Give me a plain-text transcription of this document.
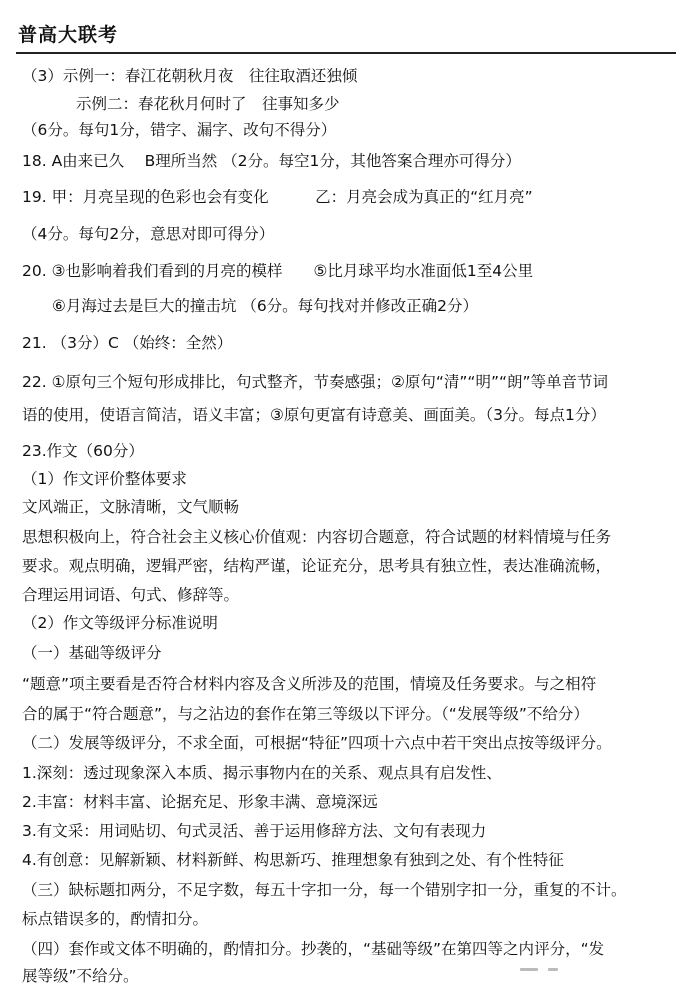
普高大联考
（3）示例一：春江花朝秋月夜　往往取酒还独倾
示例二：春花秋月何时了　往事知多少
（6分。每句1分，错字、漏字、改句不得分）
18. A由来已久　 B理所当然 （2分。每空1分，其他答案合理亦可得分）
19. 甲：月亮呈现的色彩也会有变化　　　乙：月亮会成为真正的“红月亮”
（4分。每句2分，意思对即可得分）
20. ③也影响着我们看到的月亮的模样　　⑤比月球平均水准面低1至4公里
⑥月海过去是巨大的撞击坑 （6分。每句找对并修改正确2分）
21. （3分）C （始终：全然）
22. ①原句三个短句形成排比，句式整齐，节奏感强；②原句“清”“明”“朗”等单音节词
语的使用，使语言简洁，语义丰富；③原句更富有诗意美、画面美。（3分。每点1分）
23.作文（60分）
（1）作文评价整体要求
文风端正，文脉清晰，文气顺畅
思想积极向上，符合社会主义核心价值观：内容切合题意，符合试题的材料情境与任务
要求。观点明确，逻辑严密，结构严谨，论证充分，思考具有独立性，表达准确流畅，
合理运用词语、句式、修辞等。
（2）作文等级评分标准说明
（一）基础等级评分
“题意”项主要看是否符合材料内容及含义所涉及的范围，情境及任务要求。与之相符
合的属于“符合题意”，与之沾边的套作在第三等级以下评分。（“发展等级”不给分）
（二）发展等级评分，不求全面，可根据“特征”四项十六点中若干突出点按等级评分。
1.深刻：透过现象深入本质、揭示事物内在的关系、观点具有启发性、
2.丰富：材料丰富、论据充足、形象丰满、意境深远
3.有文采：用词贴切、句式灵活、善于运用修辞方法、文句有表现力
4.有创意：见解新颖、材料新鲜、构思新巧、推理想象有独到之处、有个性特征
（三）缺标题扣两分，不足字数，每五十字扣一分，每一个错别字扣一分，重复的不计。
标点错误多的，酌情扣分。
（四）套作或文体不明确的，酌情扣分。抄袭的，“基础等级”在第四等之内评分，“发
展等级”不给分。
